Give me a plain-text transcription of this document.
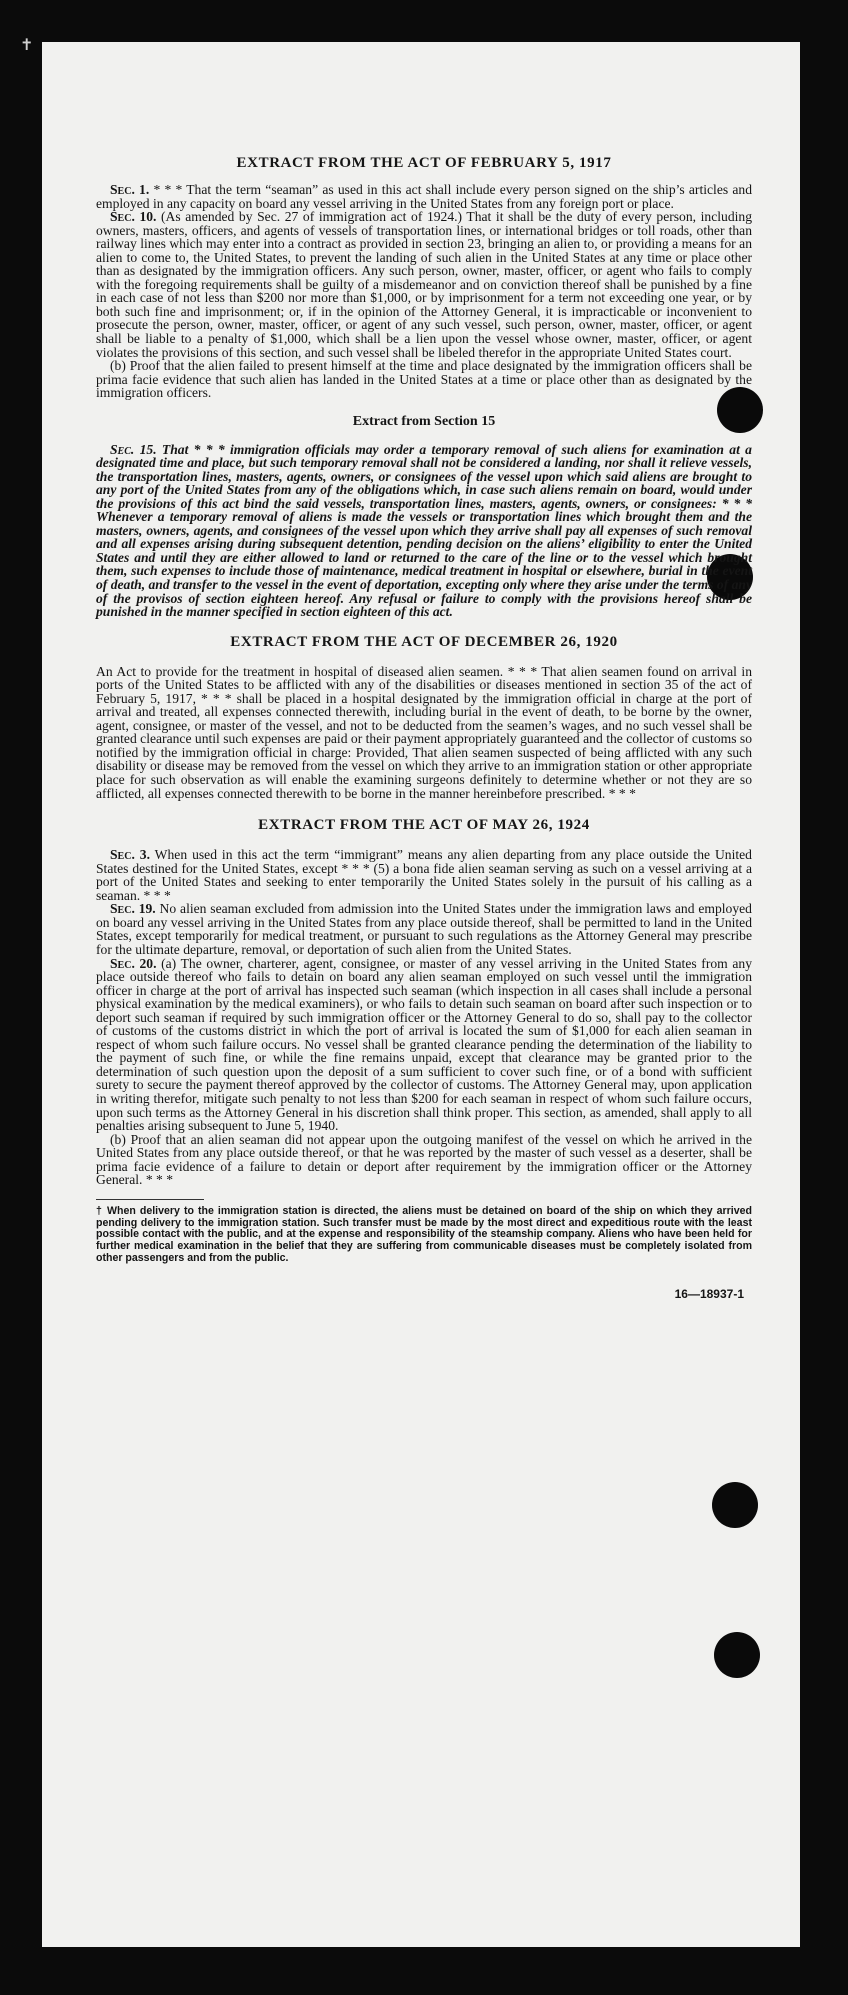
✝
EXTRACT FROM THE ACT OF FEBRUARY 5, 1917

Sec. 1. * * * That the term “seaman” as used in this act shall include every person signed on the ship’s articles and employed in any capacity on board any vessel arriving in the United States from any foreign port or place.

Sec. 10. (As amended by Sec. 27 of immigration act of 1924.) That it shall be the duty of every person, including owners, masters, officers, and agents of vessels of transportation lines, or international bridges or toll roads, other than railway lines which may enter into a contract as provided in section 23, bringing an alien to, or providing a means for an alien to come to, the United States, to prevent the landing of such alien in the United States at any time or place other than as designated by the immigration officers. Any such person, owner, master, officer, or agent who fails to comply with the foregoing requirements shall be guilty of a misdemeanor and on conviction thereof shall be punished by a fine in each case of not less than $200 nor more than $1,000, or by imprisonment for a term not exceeding one year, or by both such fine and imprisonment; or, if in the opinion of the Attorney General, it is impracticable or inconvenient to prosecute the person, owner, master, officer, or agent of any such vessel, such person, owner, master, officer, or agent shall be liable to a penalty of $1,000, which shall be a lien upon the vessel whose owner, master, officer, or agent violates the provisions of this section, and such vessel shall be libeled therefor in the appropriate United States court.

(b) Proof that the alien failed to present himself at the time and place designated by the immigration officers shall be prima facie evidence that such alien has landed in the United States at a time or place other than as designated by the immigration officers.

Extract from Section 15

Sec. 15. That * * * immigration officials may order a temporary removal of such aliens for examination at a designated time and place, but such temporary removal shall not be considered a landing, nor shall it relieve vessels, the transportation lines, masters, agents, owners, or consignees of the vessel upon which said aliens are brought to any port of the United States from any of the obligations which, in case such aliens remain on board, would under the provisions of this act bind the said vessels, transportation lines, masters, agents, owners, or consignees: * * * Whenever a temporary removal of aliens is made the vessels or transportation lines which brought them and the masters, owners, agents, and consignees of the vessel upon which they arrive shall pay all expenses of such removal and all expenses arising during subsequent detention, pending decision on the aliens’ eligibility to enter the United States and until they are either allowed to land or returned to the care of the line or to the vessel which brought them, such expenses to include those of maintenance, medical treatment in hospital or elsewhere, burial in the event of death, and transfer to the vessel in the event of deportation, excepting only where they arise under the terms of any of the provisos of section eighteen hereof. Any refusal or failure to comply with the provisions hereof shall be punished in the manner specified in section eighteen of this act.

EXTRACT FROM THE ACT OF DECEMBER 26, 1920

An Act to provide for the treatment in hospital of diseased alien seamen. * * * That alien seamen found on arrival in ports of the United States to be afflicted with any of the disabilities or diseases mentioned in section 35 of the act of February 5, 1917, * * * shall be placed in a hospital designated by the immigration official in charge at the port of arrival and treated, all expenses connected therewith, including burial in the event of death, to be borne by the owner, agent, consignee, or master of the vessel, and not to be deducted from the seamen’s wages, and no such vessel shall be granted clearance until such expenses are paid or their payment appropriately guaranteed and the collector of customs so notified by the immigration official in charge: Provided, That alien seamen suspected of being afflicted with any such disability or disease may be removed from the vessel on which they arrive to an immigration station or other appropriate place for such observation as will enable the examining surgeons definitely to determine whether or not they are so afflicted, all expenses connected therewith to be borne in the manner hereinbefore prescribed. * * *

EXTRACT FROM THE ACT OF MAY 26, 1924

Sec. 3. When used in this act the term “immigrant” means any alien departing from any place outside the United States destined for the United States, except * * * (5) a bona fide alien seaman serving as such on a vessel arriving at a port of the United States and seeking to enter temporarily the United States solely in the pursuit of his calling as a seaman. * * *

Sec. 19. No alien seaman excluded from admission into the United States under the immigration laws and employed on board any vessel arriving in the United States from any place outside thereof, shall be permitted to land in the United States, except temporarily for medical treatment, or pursuant to such regulations as the Attorney General may prescribe for the ultimate departure, removal, or deportation of such alien from the United States.

Sec. 20. (a) The owner, charterer, agent, consignee, or master of any vessel arriving in the United States from any place outside thereof who fails to detain on board any alien seaman employed on such vessel until the immigration officer in charge at the port of arrival has inspected such seaman (which inspection in all cases shall include a personal physical examination by the medical examiners), or who fails to detain such seaman on board after such inspection or to deport such seaman if required by such immigration officer or the Attorney General to do so, shall pay to the collector of customs of the customs district in which the port of arrival is located the sum of $1,000 for each alien seaman in respect of whom such failure occurs. No vessel shall be granted clearance pending the determination of the liability to the payment of such fine, or while the fine remains unpaid, except that clearance may be granted prior to the determination of such question upon the deposit of a sum sufficient to cover such fine, or of a bond with sufficient surety to secure the payment thereof approved by the collector of customs. The Attorney General may, upon application in writing therefor, mitigate such penalty to not less than $200 for each seaman in respect of whom such failure occurs, upon such terms as the Attorney General in his discretion shall think proper. This section, as amended, shall apply to all penalties arising subsequent to June 5, 1940.

(b) Proof that an alien seaman did not appear upon the outgoing manifest of the vessel on which he arrived in the United States from any place outside thereof, or that he was reported by the master of such vessel as a deserter, shall be prima facie evidence of a failure to detain or deport after requirement by the immigration officer or the Attorney General. * * *

† When delivery to the immigration station is directed, the aliens must be detained on board of the ship on which they arrived pending delivery to the immigration station. Such transfer must be made by the most direct and expeditious route with the least possible contact with the public, and at the expense and responsibility of the steamship company. Aliens who have been held for further medical examination in the belief that they are suffering from communicable diseases must be completely isolated from other passengers and from the public.

16—18937-1
